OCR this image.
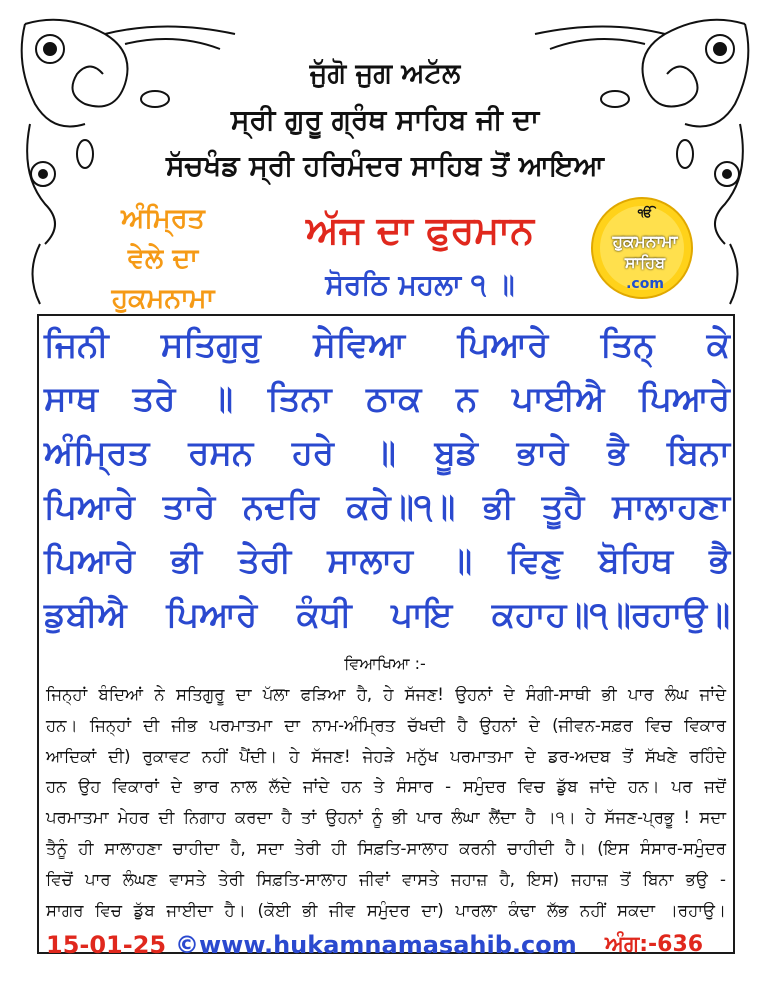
ਜੁੱਗੋ ਜੁਗ ਅਟੱਲ
ਸ੍ਰੀ ਗੁਰੂ ਗ੍ਰੰਥ ਸਾਹਿਬ ਜੀ ਦਾ
ਸੱਚਖੰਡ ਸ੍ਰੀ ਹਰਿਮੰਦਰ ਸਾਹਿਬ ਤੋਂ ਆਇਆ
ਅੰਮ੍ਰਿਤ
ਵੇਲੇ ਦਾ
ਹੁਕਮਨਾਮਾ
ਅੱਜ ਦਾ ਫੁਰਮਾਨ
ਸੋਰਠਿ ਮਹਲਾ ੧ ॥
ੴ
ਹੁਕਮਨਾਮਾ
ਸਾਹਿਬ
.com
ਜਿਨੀ ਸਤਿਗੁਰੁ ਸੇਵਿਆ ਪਿਆਰੇ ਤਿਨ੍ ਕੇ
ਸਾਥ ਤਰੇ ॥ ਤਿਨਾ ਠਾਕ ਨ ਪਾਈਐ ਪਿਆਰੇ
ਅੰਮ੍ਰਿਤ ਰਸਨ ਹਰੇ ॥ ਬੂਡੇ ਭਾਰੇ ਭੈ ਬਿਨਾ
ਪਿਆਰੇ ਤਾਰੇ ਨਦਰਿ ਕਰੇ॥੧॥ ਭੀ ਤੂਹੈ ਸਾਲਾਹਣਾ
ਪਿਆਰੇ ਭੀ ਤੇਰੀ ਸਾਲਾਹ ॥ ਵਿਣੁ ਬੋਹਿਥ ਭੈ
ਡੁਬੀਐ ਪਿਆਰੇ ਕੰਧੀ ਪਾਇ ਕਹਾਹ॥੧॥ਰਹਾਉ॥
ਵਿਆਖਿਆ :-
ਜਿਨ੍ਹਾਂ ਬੰਦਿਆਂ ਨੇ ਸਤਿਗੁਰੂ ਦਾ ਪੱਲਾ ਫੜਿਆ ਹੈ, ਹੇ ਸੱਜਣ! ਉਹਨਾਂ ਦੇ ਸੰਗੀ-ਸਾਥੀ ਭੀ ਪਾਰ ਲੰਘ ਜਾਂਦੇ
ਹਨ। ਜਿਨ੍ਹਾਂ ਦੀ ਜੀਭ ਪਰਮਾਤਮਾ ਦਾ ਨਾਮ-ਅੰਮ੍ਰਿਤ ਚੱਖਦੀ ਹੈ ਉਹਨਾਂ ਦੇ (ਜੀਵਨ-ਸਫ਼ਰ ਵਿਚ ਵਿਕਾਰ
ਆਦਿਕਾਂ ਦੀ) ਰੁਕਾਵਟ ਨਹੀਂ ਪੈਂਦੀ। ਹੇ ਸੱਜਣ! ਜੇਹੜੇ ਮਨੁੱਖ ਪਰਮਾਤਮਾ ਦੇ ਡਰ-ਅਦਬ ਤੋਂ ਸੱਖਣੇ ਰਹਿੰਦੇ
ਹਨ ਉਹ ਵਿਕਾਰਾਂ ਦੇ ਭਾਰ ਨਾਲ ਲੱਦੇ ਜਾਂਦੇ ਹਨ ਤੇ ਸੰਸਾਰ - ਸਮੁੰਦਰ ਵਿਚ ਡੁੱਬ ਜਾਂਦੇ ਹਨ। ਪਰ ਜਦੋਂ
ਪਰਮਾਤਮਾ ਮੇਹਰ ਦੀ ਨਿਗਾਹ ਕਰਦਾ ਹੈ ਤਾਂ ਉਹਨਾਂ ਨੂੰ ਭੀ ਪਾਰ ਲੰਘਾ ਲੈਂਦਾ ਹੈ ।੧। ਹੇ ਸੱਜਣ-ਪ੍ਰਭੂ ! ਸਦਾ
ਤੈਨੂੰ ਹੀ ਸਾਲਾਹਣਾ ਚਾਹੀਦਾ ਹੈ, ਸਦਾ ਤੇਰੀ ਹੀ ਸਿਫ਼ਤਿ-ਸਾਲਾਹ ਕਰਨੀ ਚਾਹੀਦੀ ਹੈ। (ਇਸ ਸੰਸਾਰ-ਸਮੁੰਦਰ
ਵਿਚੋਂ ਪਾਰ ਲੰਘਣ ਵਾਸਤੇ ਤੇਰੀ ਸਿਫ਼ਤਿ-ਸਾਲਾਹ ਜੀਵਾਂ ਵਾਸਤੇ ਜਹਾਜ਼ ਹੈ, ਇਸ) ਜਹਾਜ਼ ਤੋਂ ਬਿਨਾ ਭਉ -
ਸਾਗਰ ਵਿਚ ਡੁੱਬ ਜਾਈਦਾ ਹੈ। (ਕੋਈ ਭੀ ਜੀਵ ਸਮੁੰਦਰ ਦਾ) ਪਾਰਲਾ ਕੰਢਾ ਲੱਭ ਨਹੀਂ ਸਕਦਾ ।ਰਹਾਉ।
15-01-25 ©www.hukamnamasahib.com ਅੰਗ:-636
